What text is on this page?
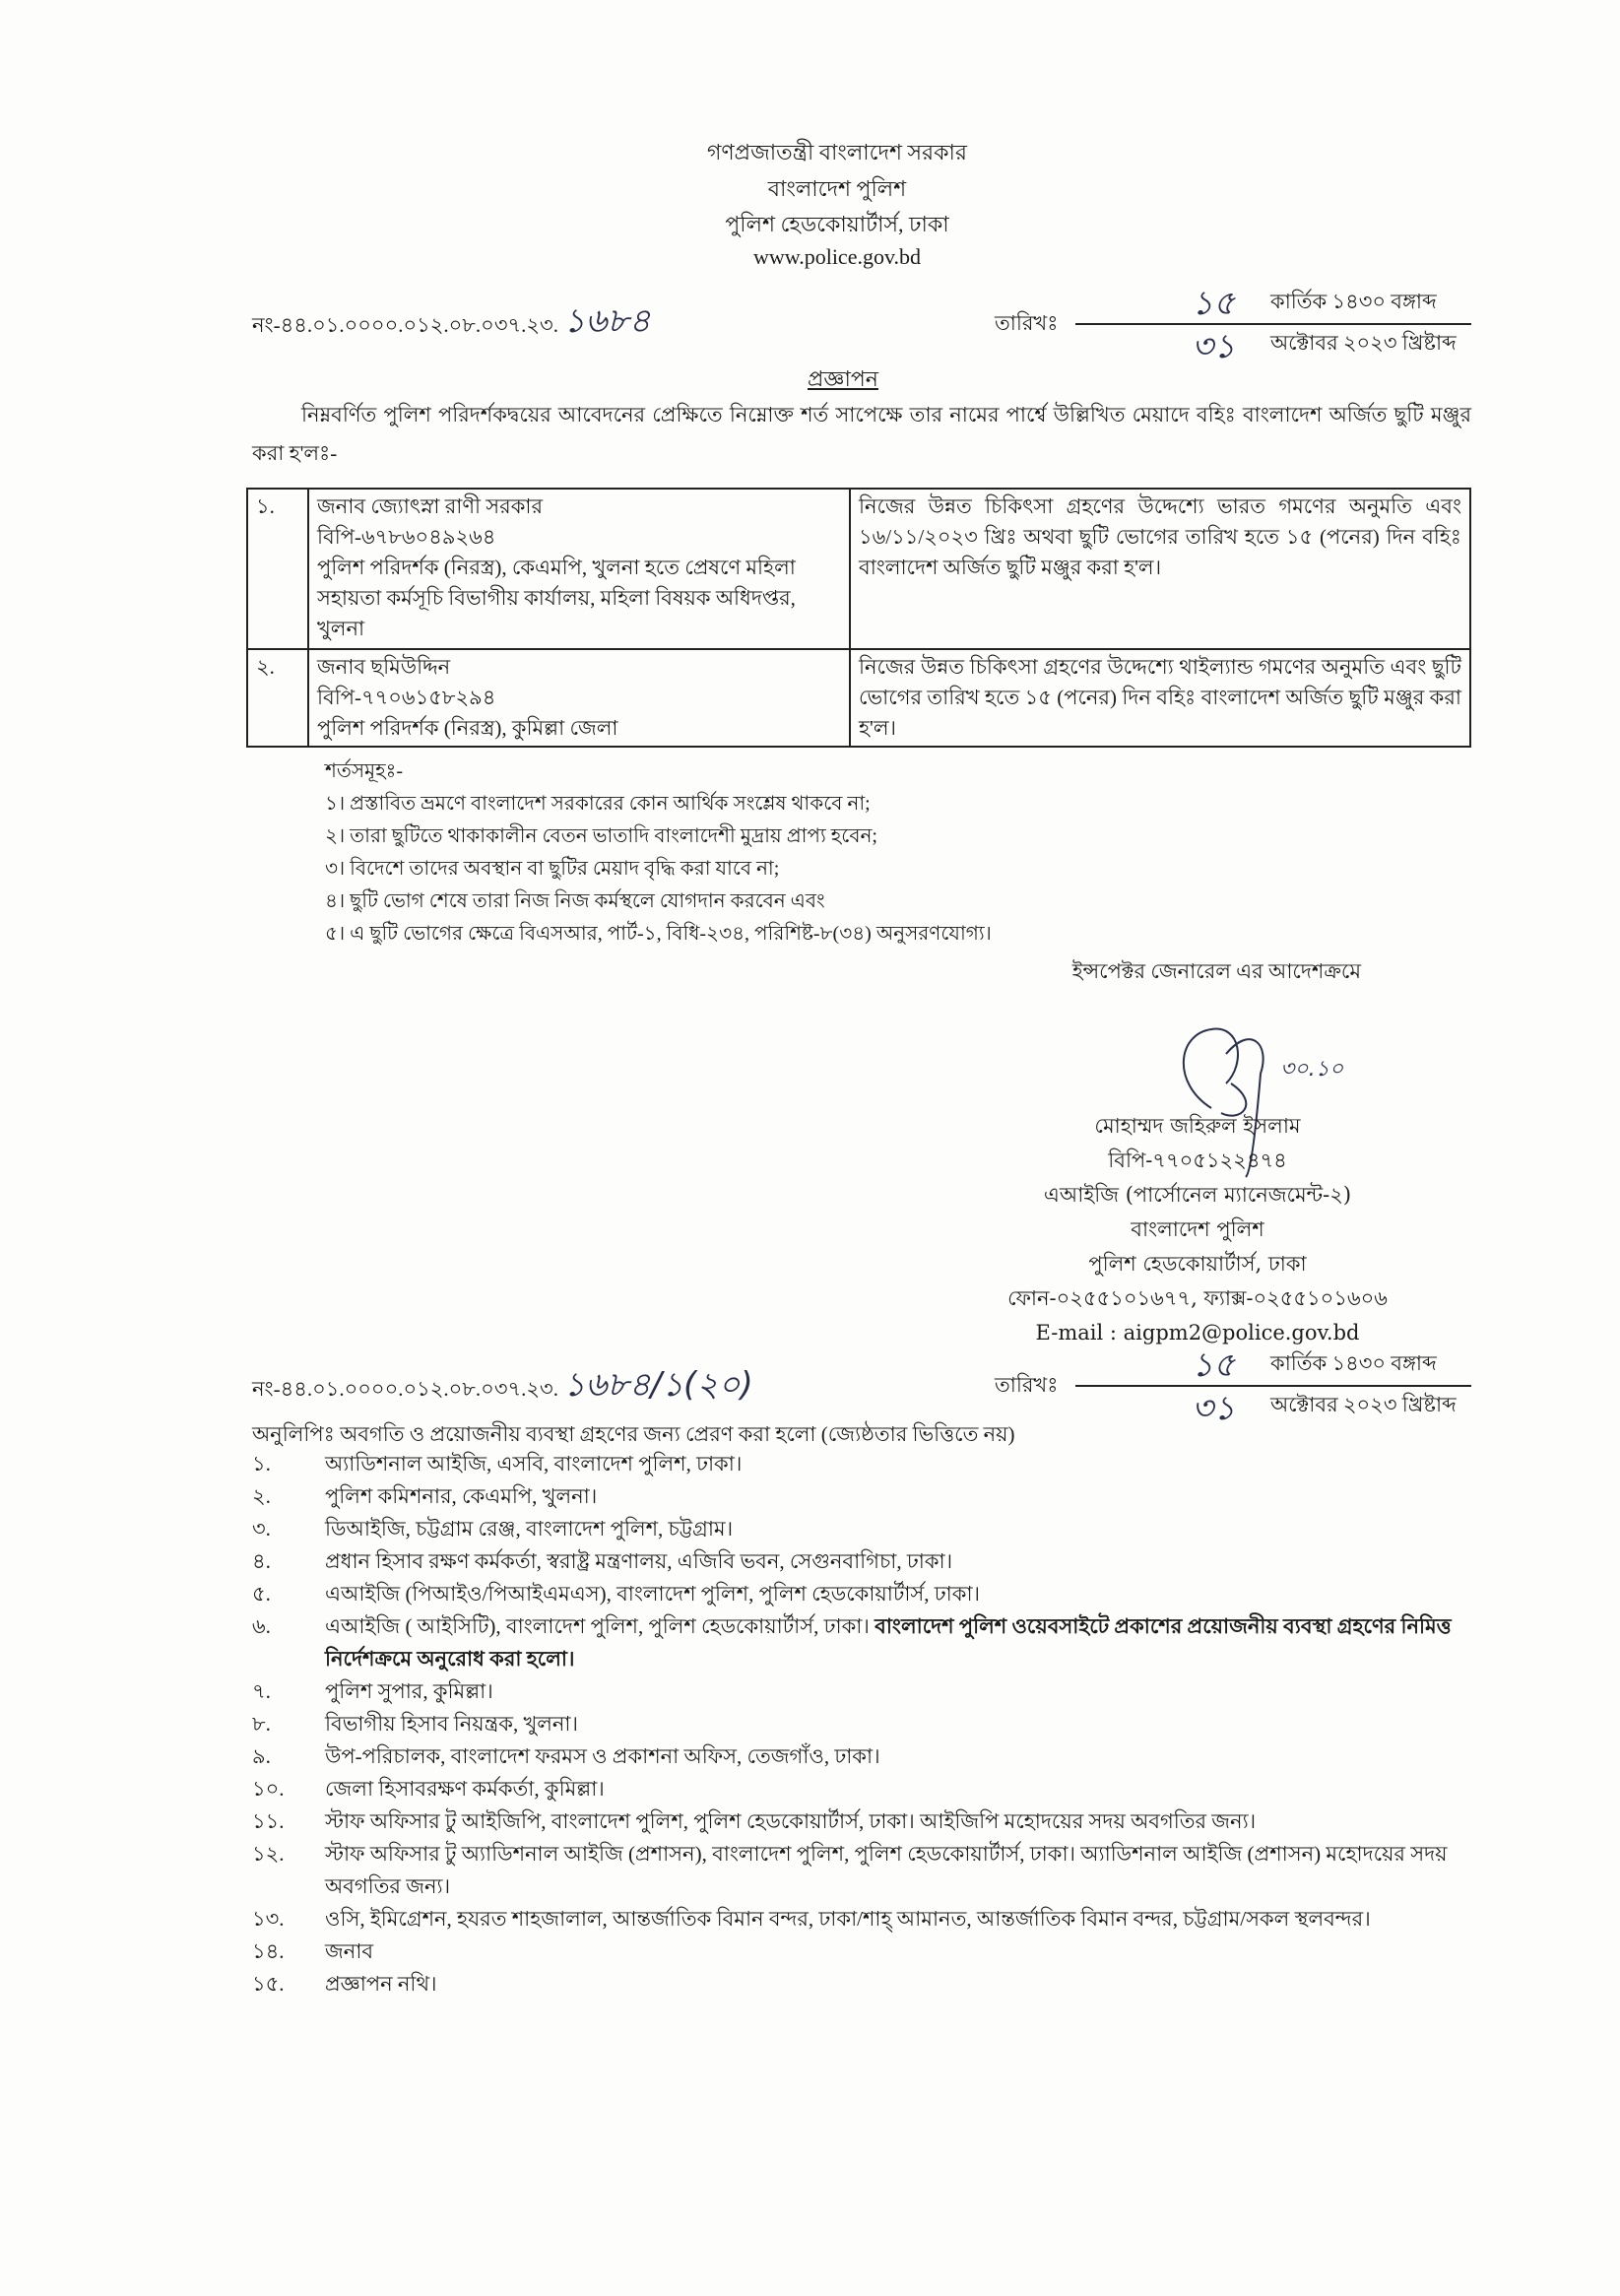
গণপ্রজাতন্ত্রী বাংলাদেশ সরকার
বাংলাদেশ পুলিশ
পুলিশ হেডকোয়ার্টার্স, ঢাকা
www.police.gov.bd
নং-৪৪.০১.০০০০.০১২.০৮.০৩৭.২৩. ১৬৮৪	তারিখঃ	১৫ কার্তিক ১৪৩০ বঙ্গাব্দ
৩১ অক্টোবর ২০২৩ খ্রিষ্টাব্দ
প্রজ্ঞাপন
নিম্নবর্ণিত পুলিশ পরিদর্শকদ্বয়ের আবেদনের প্রেক্ষিতে নিম্নোক্ত শর্ত সাপেক্ষে তার নামের পার্শ্বে উল্লিখিত মেয়াদে বহিঃ বাংলাদেশ অর্জিত ছুটি মঞ্জুর করা হ'লঃ-
১.	জনাব জ্যোৎস্না রাণী সরকার
বিপি-৬৭৮৬০৪৯২৬৪
পুলিশ পরিদর্শক (নিরস্ত্র), কেএমপি, খুলনা হতে প্রেষণে মহিলা সহায়তা কর্মসূচি বিভাগীয় কার্যালয়, মহিলা বিষয়ক অধিদপ্তর, খুলনা	নিজের উন্নত চিকিৎসা গ্রহণের উদ্দেশ্যে ভারত গমণের অনুমতি এবং ১৬/১১/২০২৩ খ্রিঃ অথবা ছুটি ভোগের তারিখ হতে ১৫ (পনের) দিন বহিঃ বাংলাদেশ অর্জিত ছুটি মঞ্জুর করা হ'ল।
২.	জনাব ছমিউদ্দিন
বিপি-৭৭০৬১৫৮২৯৪
পুলিশ পরিদর্শক (নিরস্ত্র), কুমিল্লা জেলা	নিজের উন্নত চিকিৎসা গ্রহণের উদ্দেশ্যে থাইল্যান্ড গমণের অনুমতি এবং ছুটি ভোগের তারিখ হতে ১৫ (পনের) দিন বহিঃ বাংলাদেশ অর্জিত ছুটি মঞ্জুর করা হ'ল।
শর্তসমূহঃ-
১। প্রস্তাবিত ভ্রমণে বাংলাদেশ সরকারের কোন আর্থিক সংশ্লেষ থাকবে না;
২। তারা ছুটিতে থাকাকালীন বেতন ভাতাদি বাংলাদেশী মুদ্রায় প্রাপ্য হবেন;
৩। বিদেশে তাদের অবস্থান বা ছুটির মেয়াদ বৃদ্ধি করা যাবে না;
৪। ছুটি ভোগ শেষে তারা নিজ নিজ কর্মস্থলে যোগদান করবেন এবং
৫। এ ছুটি ভোগের ক্ষেত্রে বিএসআর, পার্ট-১, বিধি-২৩৪, পরিশিষ্ট-৮(৩৪) অনুসরণযোগ্য।
ইন্সপেক্টর জেনারেল এর আদেশক্রমে
৩০.১০
মোহাম্মদ জহিরুল ইসলাম
বিপি-৭৭০৫১২২৪৭৪
এআইজি (পার্সোনেল ম্যানেজমেন্ট-২)
বাংলাদেশ পুলিশ
পুলিশ হেডকোয়ার্টার্স, ঢাকা
ফোন-০২৫৫১০১৬৭৭, ফ্যাক্স-০২৫৫১০১৬০৬
E-mail : aigpm2@police.gov.bd
নং-৪৪.০১.০০০০.০১২.০৮.০৩৭.২৩. ১৬৮৪/১(২০)	তারিখঃ	১৫ কার্তিক ১৪৩০ বঙ্গাব্দ
৩১ অক্টোবর ২০২৩ খ্রিষ্টাব্দ
অনুলিপিঃ অবগতি ও প্রয়োজনীয় ব্যবস্থা গ্রহণের জন্য প্রেরণ করা হলো (জ্যেষ্ঠতার ভিত্তিতে নয়)
১.	অ্যাডিশনাল আইজি, এসবি, বাংলাদেশ পুলিশ, ঢাকা।
২.	পুলিশ কমিশনার, কেএমপি, খুলনা।
৩.	ডিআইজি, চট্টগ্রাম রেঞ্জ, বাংলাদেশ পুলিশ, চট্টগ্রাম।
৪.	প্রধান হিসাব রক্ষণ কর্মকর্তা, স্বরাষ্ট্র মন্ত্রণালয়, এজিবি ভবন, সেগুনবাগিচা, ঢাকা।
৫.	এআইজি (পিআইও/পিআইএমএস), বাংলাদেশ পুলিশ, পুলিশ হেডকোয়ার্টার্স, ঢাকা।
৬.	এআইজি ( আইসিটি), বাংলাদেশ পুলিশ, পুলিশ হেডকোয়ার্টার্স, ঢাকা। বাংলাদেশ পুলিশ ওয়েবসাইটে প্রকাশের প্রয়োজনীয় ব্যবস্থা গ্রহণের নিমিত্ত নির্দেশক্রমে অনুরোধ করা হলো।
৭.	পুলিশ সুপার, কুমিল্লা।
৮.	বিভাগীয় হিসাব নিয়ন্ত্রক, খুলনা।
৯.	উপ-পরিচালক, বাংলাদেশ ফরমস ও প্রকাশনা অফিস, তেজগাঁও, ঢাকা।
১০. জেলা হিসাবরক্ষণ কর্মকর্তা, কুমিল্লা।
১১. স্টাফ অফিসার টু আইজিপি, বাংলাদেশ পুলিশ, পুলিশ হেডকোয়ার্টার্স, ঢাকা। আইজিপি মহোদয়ের সদয় অবগতির জন্য।
১২. স্টাফ অফিসার টু অ্যাডিশনাল আইজি (প্রশাসন), বাংলাদেশ পুলিশ, পুলিশ হেডকোয়ার্টার্স, ঢাকা। অ্যাডিশনাল আইজি (প্রশাসন) মহোদয়ের সদয় অবগতির জন্য।
১৩. ওসি, ইমিগ্রেশন, হযরত শাহজালাল, আন্তর্জাতিক বিমান বন্দর, ঢাকা/শাহ্ আমানত, আন্তর্জাতিক বিমান বন্দর, চট্টগ্রাম/সকল স্থলবন্দর।
১৪. জনাব
১৫. প্রজ্ঞাপন নথি।
